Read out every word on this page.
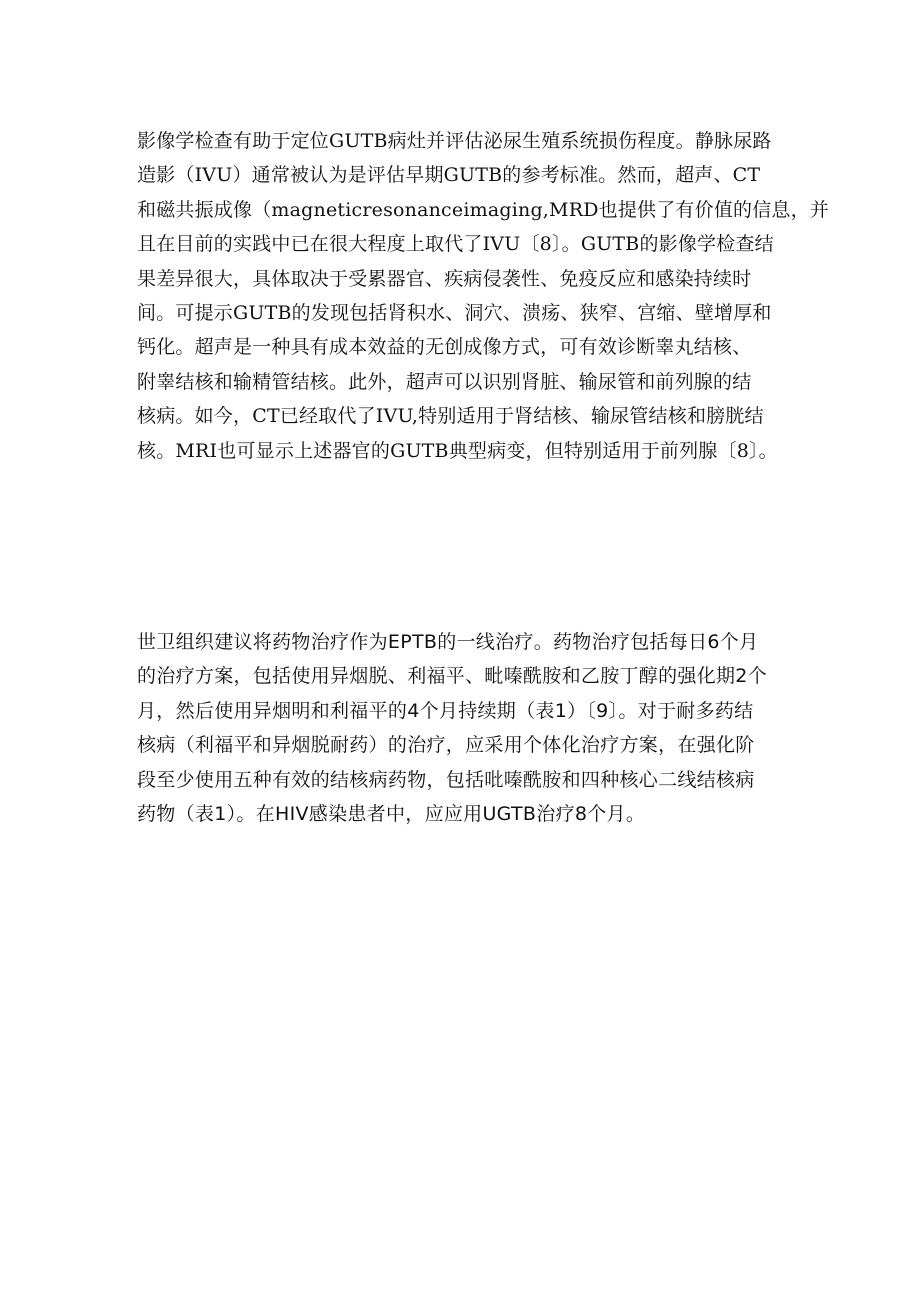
影像学检查有助于定位GUTB病灶并评估泌尿生殖系统损伤程度。静脉尿路
造影（IVU）通常被认为是评估早期GUTB的参考标准。然而，超声、CT
和磁共振成像（magneticresonanceimaging,MRD也提供了有价值的信息，并
且在目前的实践中已在很大程度上取代了IVU〔8〕。GUTB的影像学检查结
果差异很大，具体取决于受累器官、疾病侵袭性、免疫反应和感染持续时
间。可提示GUTB的发现包括肾积水、洞穴、溃疡、狭窄、宫缩、壁增厚和
钙化。超声是一种具有成本效益的无创成像方式，可有效诊断睾丸结核、
附睾结核和输精管结核。此外，超声可以识别肾脏、输尿管和前列腺的结
核病。如今，CT已经取代了IVU,特别适用于肾结核、输尿管结核和膀胱结
核。MRI也可显示上述器官的GUTB典型病变，但特别适用于前列腺〔8〕。
世卫组织建议将药物治疗作为EPTB的一线治疗。药物治疗包括每日6个月
的治疗方案，包括使用异烟脱、利福平、毗嗪酰胺和乙胺丁醇的强化期2个
月，然后使用异烟明和利福平的4个月持续期（表1）〔9〕。对于耐多药结
核病（利福平和异烟脱耐药）的治疗，应采用个体化治疗方案，在强化阶
段至少使用五种有效的结核病药物，包括吡嗪酰胺和四种核心二线结核病
药物（表1）。在HIV感染患者中，应应用UGTB治疗8个月。
